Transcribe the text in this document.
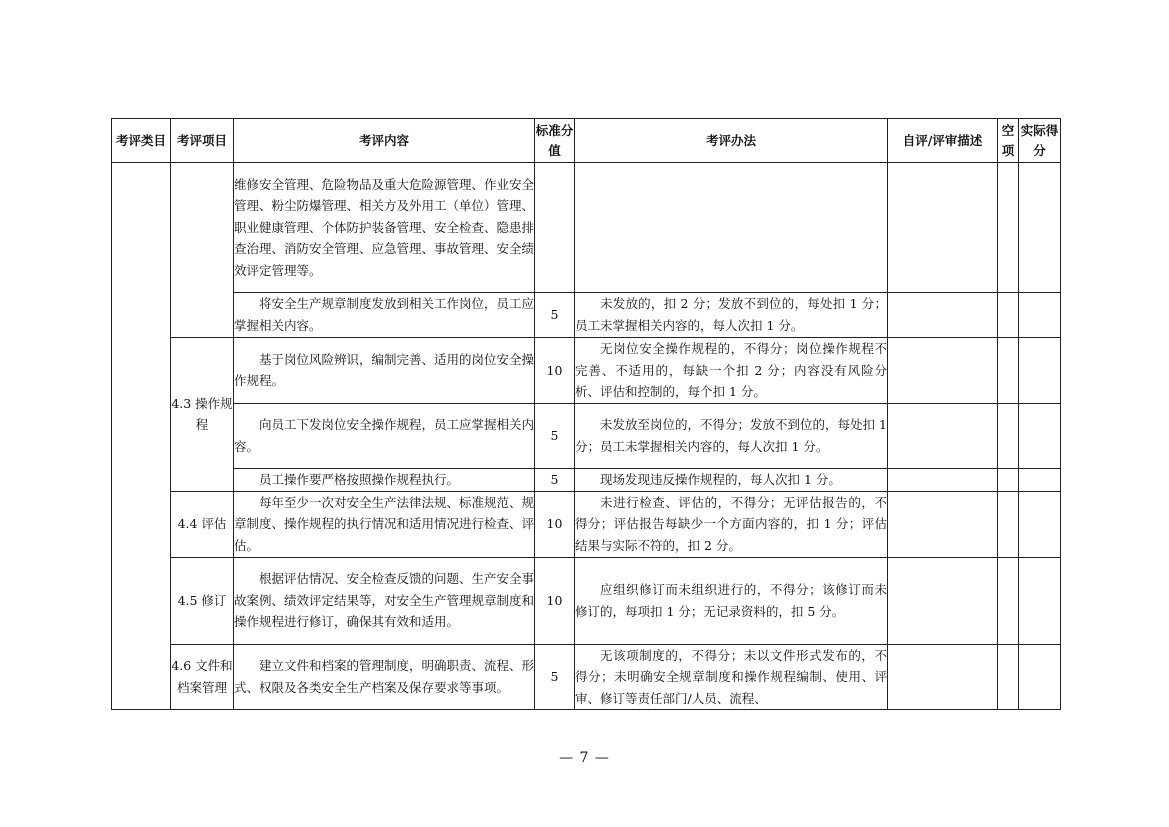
考评类目	考评项目	考评内容	标准分值	考评办法	自评/评审描述	空项	实际得分

		维修安全管理、危险物品及重大危险源管理、作业安全管理、粉尘防爆管理、相关方及外用工（单位）管理、职业健康管理、个体防护装备管理、安全检查、隐患排查治理、消防安全管理、应急管理、事故管理、安全绩效评定管理等。					

		将安全生产规章制度发放到相关工作岗位，员工应掌握相关内容。	5	未发放的，扣 2 分；发放不到位的，每处扣 1 分；员工未掌握相关内容的，每人次扣 1 分。			

	4.3 操作规程	基于岗位风险辨识，编制完善、适用的岗位安全操作规程。	10	无岗位安全操作规程的，不得分；岗位操作规程不完善、不适用的，每缺一个扣 2 分；内容没有风险分析、评估和控制的，每个扣 1 分。			

		向员工下发岗位安全操作规程，员工应掌握相关内容。	5	未发放至岗位的，不得分；发放不到位的，每处扣 1 分；员工未掌握相关内容的，每人次扣 1 分。			

		员工操作要严格按照操作规程执行。	5	现场发现违反操作规程的，每人次扣 1 分。			

	4.4 评估	每年至少一次对安全生产法律法规、标准规范、规章制度、操作规程的执行情况和适用情况进行检查、评估。	10	未进行检查、评估的，不得分；无评估报告的，不得分；评估报告每缺少一个方面内容的，扣 1 分；评估结果与实际不符的，扣 2 分。			

	4.5 修订	根据评估情况、安全检查反馈的问题、生产安全事故案例、绩效评定结果等，对安全生产管理规章制度和操作规程进行修订，确保其有效和适用。	10	应组织修订而未组织进行的，不得分；该修订而未修订的，每项扣 1 分；无记录资料的，扣 5 分。			

	4.6 文件和档案管理	建立文件和档案的管理制度，明确职责、流程、形式、权限及各类安全生产档案及保存要求等事项。	5	无该项制度的，不得分；未以文件形式发布的，不得分；未明确安全规章制度和操作规程编制、使用、评审、修订等责任部门/人员、流程、			

— 7 —
